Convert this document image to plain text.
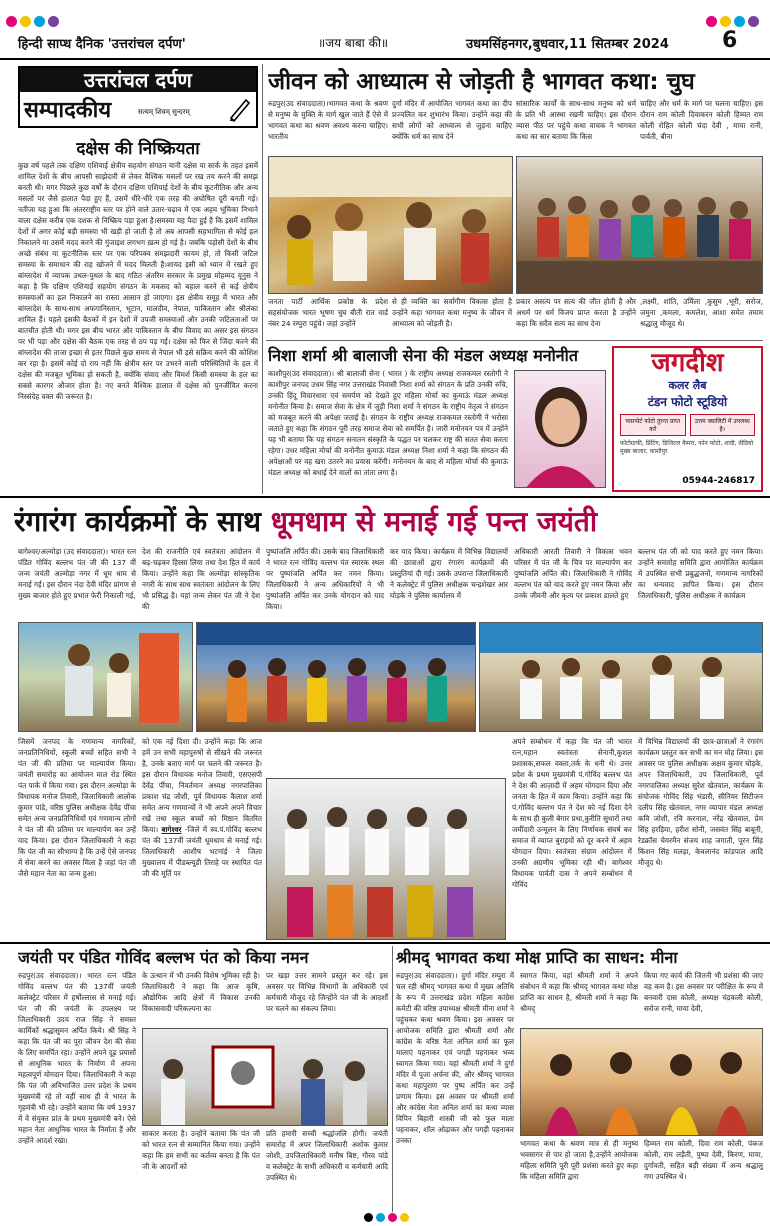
हिन्दी साप्ध दैनिक 'उत्तरांचल दर्पण'	॥जय बाबा की॥	उधमसिंहनगर,बुधवार,11 सितम्बर 2024 6
उत्तरांचल दर्पण
सम्पादकीय	सत्यम् शिवम् सुन्दरम्
दक्षेस की निष्क्रियता
कुछ वर्ष पहले तक दक्षिण एशियाई क्षेत्रीय सहयोग संगठन यानी दक्षेस या सार्क के तहत इसमें शामिल देशों के बीच आपसी साझेदारी से लेकर वैश्विक मसलों पर रख तय करने की समझ बनती थी। मगर पिछले कुछ वर्षों के दौरान दक्षिण एशियाई देशों के बीच कूटनीतिक और अन्य मसलों पर जैसे हालात पैदा हुए हैं, उसमें धीरे-धीरे एक तरह की अघोषित दूरी बनती गई। नतीजा यह हुआ कि अंतरराष्ट्रीय स्तर पर होने वाले उतार-चढ़ाव में एक अहम भूमिका निभाने वाला दक्षेस करीब एक दशक से निष्क्रिय पड़ा हुआ है।समस्या यह पैदा हुई है कि इसमें शामिल देशों में अगर कोई बड़ी समस्या भी खड़ी हो जाती है तो अब आपसी सहभागिता से कोई हल निकालने या उसमें मदद करने की गुंजाइश लगभग ख़त्म हो गई है। जबकि पड़ोसी देशों के बीच अच्छे संबंध या कूटनीतिक स्तर पर एक परिपक्व समझदारी कायम हो, तो किसी जटिल समस्या के समाधान की राह खोजने में मदद मिलती है।शायद इसी को ध्यान में रखते हुए बांग्लादेश में व्यापक उथल-पुथल के बाद गठित अंतरिम सरकार के प्रमुख मोहम्मद यूनुस ने कहा है कि दक्षिण एशियाई सहयोग संगठन के मकसद को बहाल करने से कई क्षेत्रीय समस्याओं का हल निकालने का रास्ता आसान हो जाएगा। इस क्षेत्रीय समूह में भारत और बांग्लादेश के साथ-साथ अफगानिस्तान, भूटान, मालदीव, नेपाल, पाकिस्तान और श्रीलंका शामिल हैं। पहले इसकी बैठकों में इन देशों में उपजी समस्याओं और उनकी जटिलताओं पर बातचीत होती थी। मगर इस बीच भारत और पाकिस्तान के बीच विवाद का असर इस संगठन पर भी पड़ा और दक्षेस की बैठक एक तरह से ठप पड़ गई। दक्षेस को फिर से जिंदा करने की बांग्लादेश की ताजा इच्छा से इतर पिछले कुछ समय से नेपाल भी इसे सक्रिय करने की कोशिश कर रहा है। इसमें कोई दो राय नहीं कि क्षेत्रीय स्तर पर उभरने वाली परिस्थितियों के हल में दक्षेस की मजबूत भूमिका हो सकती है, क्योंकि संवाद और विमर्श किसी समस्या के हल का सबसे कारगर औजार होता है। नए बनते वैश्विक हालात में दक्षेस को पुनर्जीवित करना निस्संदेह वक्त की जरूरत है।
जीवन को आध्यात्म से जोड़ती है भागवत कथा: चुघ
रुद्रपुर(उद संवाददाता)।भागवत कथा के श्रवण से मनुष्य के मुक्ति के मार्ग खुल जाते हैं ऐसे में भागवत कथा का श्रवण अवश्य करना चाहिए। भारतीय
दुर्गा मंदिर में आयोजित भागवत कथा का दीप प्रज्वलित कर शुभारंभ किया। उन्होंने कहा की सभी लोगों को आध्यात्म से जुड़ना चाहिए क्योंकि धर्म का साथ देने
सांसारिक कार्यों के साथ-साथ मनुष्य को धर्म के प्रति भी आस्था रखनी चाहिए। इस दौरान व्यास पीठ पर पहुंचे कथा वाचक ने भागवत कथा का सार बताया कि किस
चाहिए और धर्म के मार्ग पर चलना चाहिए। इस दौरान राम कोली दिवाकरन कोली हिम्मत राम कोली रोहित कोली चंदा देवी , माया रानी, पार्वती, बीना
जनता पार्टी आर्थिक प्रकोष्ठ के प्रदेश सहसंयोजक भारत भूषण चुघ बीती रात वार्ड नंबर 24 रम्पुरा पहुंचे। जहां उन्होंने
से ही व्यक्ति का सर्वांगीण विकास होता है उन्होंने कहा भागवत कथा मनुष्य के जीवन में आध्यात्म को जोड़ती है।
प्रकार असत्य पर सत्य की जीत होती है और अधर्म पर धर्म विजय प्राप्त करता है उन्होंने कहा कि सदैव सत्य का साथ देना
,लक्ष्मी, शांति, उर्मिला ,कुसुम ,भूरी, सरोज, जमुना ,कमला, कमलेश, आशा समेत तमाम श्रद्धालु मौजूद थे।
निशा शर्मा श्री बालाजी सेना की मंडल अध्यक्ष मनोनीत
काशीपुर(उद संवाददाता)। श्री बालाजी सेना ( भारत ) के राष्ट्रीय अध्यक्ष राजकमल रस्तोगी ने काशीपुर जनपद उधम सिंह नगर उत्तराखंड निवासी निशा शर्मा को संगठन के प्रति उनकी रुचि, उनकी हिंदू विचारधारा एवं समर्पण को देखते हुए महिला मोर्चा का कुमाऊं मंडल अध्यक्ष मनोनीत किया है। समाज सेवा के क्षेत्र में जुड़ी निशा शर्मा ने संगठन के राष्ट्रीय नेतृत्व ने संगठन को मजबूत करने की अपेक्षा जताई है। संगठन के राष्ट्रीय अध्यक्ष राजकमल रस्तोगी ने भरोसा जताते हुए कहा कि संगठन पूरी तरह समाज सेवा को समर्पित है। जारी मनोनयन पत्र में उन्होंने यह भी बताया कि यह संगठन सनातन संस्कृति के पद्धत पर चलकर राष्ट्र की सतत सेवा करता रहेगा। उधर महिला मोर्चा की मनोनीत कुमाऊं मंडल अध्यक्ष निशा शर्मा ने कहा कि संगठन की अपेक्षाओं पर वह खरा उतरने का प्रयास करेंगी। मनोनयन के बाद से महिला मोर्चा की कुमाऊं मंडल अध्यक्ष को बधाई देने वालों का तांता लगा है।
जगदीश
कलर लैब
टंडन फोटो स्टूडियो
पासपोर्ट फोटो तुरन्त प्राप्त करें
उत्तम क्वालिटी में उपलब्ध है।
फोटोग्राफी, प्रिंटिंग, डिजिटल कैमरा, फोन फोटो, शादी, वीडियो
मुख्य बाजार, काशीपुर
05944-246817
रंगारंग कार्यक्रमों के साथ धूमधाम से मनाई गई पन्त जयंती
बागेश्वर/अल्मोड़ा (उद संवाददाता)। भारत रत्न पंडित गोविंद बल्लभ पंत जी की 137 वीं जन्म जयंती अल्मोड़ा नगर में धूम धाम से मनाई गई। इस दौरान नंदा देवी मंदिर प्रांगण से मुख्य बाजार होते हुए प्रभात फेरी निकाली गई,
देश की राजनीति एवं स्वतंत्रता आंदोलन में बढ़-चढ़कर हिस्सा लिया तथा देश हित में कार्य किया। उन्होंने कहा कि अल्मोड़ा सांस्कृतिक नगरी के साथ साथ स्वतंत्रता आंदोलन के लिए भी प्रसिद्ध है। यहां जन्म लेकर पंत जी ने देश की
पुष्पांजलि अर्पित की। उसके बाद जिलाधिकारी ने भारत रत्न गोविंद वल्लभ पंत स्मारक स्थल पर पुष्पांजलि अर्पित कर नमन किया। जिलाधिकारी ने अन्य अधिकारियों ने भी पुष्पांजलि अर्पित कर उनके योगदान को याद किया।
कर याद किया। कार्यक्रम में विभिन्न विद्यालयों की छात्राओं द्वारा रंगारंग कार्यक्रमों की प्रस्तुतियां दी गई। उसके उपरान्त जिलाधिकारी ने कलेक्ट्रेट में पुलिस अधीक्षक चन्द्रशेखर आर घोड़के ने पुलिस कार्यालय में
अधिकारी आरती तिवारी ने विकास भवन परिसर में पंत जी के चित्र पर माल्यार्पण कर पुष्पांजलि अर्पित की। जिलाधिकारी ने गोविंद वल्लभ पंत को याद करते हुए नमन किया और उनके जीवनी और कृत्य पर प्रकाश डालते हुए
बल्लभ पंत जी को याद करते हुए नमन किया। उन्होंने समारोह समिति द्वारा आयोजित कार्यक्रम में उपस्थित सभी प्रबुद्धजनों, गणमान्य नागरिकों का धन्यवाद ज्ञापित किया। इस दौरान जिलाधिकारी, पुलिस अधीक्षक ने कार्यक्रम
जिसमें जनपद के गणमान्य नागरिकों, जनप्रतिनिधियों, स्कूली बच्चों सहित सभी ने पंत जी की प्रतिमा पर माल्यार्पण किया। जयंती समारोह का आयोजन माल रोड स्थित पंत पार्क में किया गया। इस दौरान अल्मोड़ा के विधायक मनोज तिवारी, जिलाधिकारी आलोक कुमार पांडे, वरिष्ठ पुलिस अधीक्षक देवेंद्र पींचा समेत अन्य जनप्रतिनिधियों एवं गणमान्य लोगों ने पंत जी की प्रतिमा पर माल्यार्पण कर उन्हें याद किया। इस दौरान जिलाधिकारी ने कहा कि पंत जी का सौभाग्य है कि उन्हें ऐसे जनपद में सेवा करने का अवसर मिला है जहां पंत जी जैसे महान नेता का जन्म हुआ।
को एक नई दिशा दी। उन्होंने कहा कि आज हमें उन सभी महापुरुषों से सीखने की जरूरत है, उनके बताए मार्ग पर चलने की जरूरत है। इस दौरान विधायक मनोज तिवारी, एसएसपी देवेंद्र पींचा, निवर्तमान अध्यक्ष नगरपालिका प्रकाश चंद्र जोशी, पूर्व विधायक कैलाश शर्मा समेत अन्य गणमान्यों ने भी अपने अपने विचार रखें तथा स्कूल बच्चों को मिष्ठान वितरित किया। बागेश्वर -जिले में स्व.पं.गोविंद बल्लभ पंत की 137वीं जयंती धूमधाम से मनाई गई। जिलाधिकारी आशीष भटगांई ने जिला मुख्यालय में पीडब्ल्यूडी तिराहे पर स्थापित पंत जी की मूर्ति पर
अपने सम्बोधन में कहा कि पंत जी भारत रत्न,महान स्वतंत्रता सेनानी,कुशल प्रशासक,सफल वक्ता,तर्क के धनी थे। उत्तर प्रदेश के प्रथम मुख्यमंत्री पं.गोविंद बल्लभ पंत ने देश की आज़ादी में अहम योगदान दिया और जनता के हित में काम किया। उन्होंने कहा कि पं.गोविंद बल्लभ पंत ने देश को नई दिशा देने के साथ ही कुली बेगार प्रथा,कुरीति सुधारों तथा जमींदारी उन्मूलन के लिए निर्णायक संघर्ष कर समाज में व्याप्त बुराइयों को दूर करने में अहम योगदान दिया। स्वतंत्रता संग्राम आंदोलन में उनकी अग्रणीय भूमिका रही थी। बागेश्वर विधायक पार्वती दास ने अपने सम्बोधन में गोविंद
में विभिन्न विद्यालयों की छात्र-छात्राओं ने रंगारंग कार्यक्रम प्रस्तुत कर सभी का मन मोह लिया। इस अवसर पर पुलिस अधीक्षक अक्षय कुमार घोड़के, अपर जिलाधिकारी, उप जिलाधिकारी, पूर्व नगरपालिका अध्यक्ष सुरेश खेतवाल, कार्यक्रम के संयोजक गोविंद सिंह भंडारी, सीनियर सिटीजन दलीप सिंह खेतवाल, नगर व्यापार मंडल अध्यक्ष कवि जोशी, रवि करनाल, नरेंद्र खेतवाल, प्रेम सिंह हरड़िया, हरीश सोनी, जसवंत सिंह बाबूनी, रेडक्रॉस चेयरमैन संजय शाह जगाती, पूरन सिंह किशन सिंह मलड़ा, केवलानंद कांडपाल आदि मौजूद थे।
जयंती पर पंडित गोविंद बल्लभ पंत को किया नमन
रुद्रपुर(उद संवाददाता)। भारत रत्न पंडित गोविंद वल्लभ पंत की 137वीं जयंती कलेक्ट्रेट परिसर में हर्षोल्लास से मनाई गई। पंत जी की जयंती के उपलक्ष्य पर जिलाधिकारी उदय राज सिंह ने समस्त कार्मिकों श्रद्धासुमन अर्पित किये। श्री सिंह ने कहा कि पंत जी का पूरा जीवन देश की सेवा के लिए समर्पित रहा। उन्होंने अपने दूढ़ प्रयासों से आधुनिक भारत के निर्माण में अपना महत्वपूर्ण योगदान दिया। जिलाधिकारी ने कहा कि पंत जी अविभाजित उत्तर प्रदेश के प्रथम मुख्यमंत्री रहे तो वहीं साथ ही वे भारत के गृहमंत्री भी रहे। उन्होंने बताया कि वर्ष 1937 में वे संयुक्त प्रांत के प्रथम मुख्यमंत्री बने। ऐसे महान नेता आधुनिक भारत के निर्माता हैं और उन्होंने आदर्श रखा।
के उत्थान में भी उनकी विशेष भूमिका रही है। जिलाधिकारी ने कहा कि आज कृषि, औद्योगिक आदि क्षेत्रों में विकास उनकी विकासवादी परिकल्पना का
पर खड़ा उत्तर सामने प्रस्तुत कर रहे। इस अवसर पर विभिन्न विभागों के अधिकारी एवं कर्मचारी मौजूद रहे जिन्होंने पंत जी के आदर्शों पर चलने का संकल्प लिया।
साकार करता है। उन्होंने बताया कि पंत जी को भारत रत्न से सम्मानित किया गया। उन्होंने कहा कि हम सभी का कर्तव्य बनता है कि पंत जी के आदर्शों को
प्रति हमारी सच्ची श्रद्धांजलि होगी। जयंती समारोह में अपर जिलाधिकारी अशोक कुमार जोशी, उपजिलाधिकारी मनीष बिष्ट, गौरव पांडे व कलेक्ट्रेट के सभी अधिकारी व कर्मचारी आदि उपस्थित थे।
श्रीमद् भागवत कथा मोक्ष प्राप्ति का साधन: मीना
रुद्रपुर(उद संवाददाता)। दुर्गा मंदिर रम्पुरा में चल रही श्रीमद् भागवत कथा में मुख्य अतिथि के रूप में उत्तराखंड प्रदेश महिला कांग्रेस कमेटी की वरिष्ठ उपाध्यक्ष श्रीमती मीना शर्मा ने पहुंचकर कथा श्रवण किया। इस अवसर पर आयोजक समिति द्वारा श्रीमती शर्मा और कांग्रेस के वरिष्ठ नेता अनिल शर्मा का फूल मालाएं पहनाकर एवं पगड़ी पहनाकर भव्य स्वागत किया गया। वहां श्रीमती शर्मा ने दुर्गा मंदिर में पूजा अर्चना की, और श्रीमद् भागवत कथा महापुराण पर पुष्प अर्पित कर उन्हें प्रणाम किया। इस अवसर पर श्रीमती शर्मा और कांग्रेस नेता अनिल शर्मा का कथा व्यास विपिन बिहारी शास्त्री जी को फूल माला पहनाकर, शॉल ओढ़ाकर और पगड़ी पहनाकर उनका
स्वागत किया, वहां श्रीमती शर्मा ने अपने संबोधन में कहा कि श्रीमद् भागवत कथा मोक्ष प्राप्ति का साधन है, श्रीमती शर्मा ने कहा कि श्रीमद्
किया गए कार्य की जितनी भी प्रशंसा की जाए वह कम है। इस अवसर पर परीक्षित के रूप में बनवारी दास कोली, अध्यक्ष चंद्रकली कोली, सरोज रानी, माया देवी,
भागवत कथा के श्रवण मात्र से ही मनुष्य भवसागर से पार हो जाता है,उन्होंने आयोजक महिला समिति पूरी पूरी प्रशंसा करते हुए कहा कि महिला समिति द्वारा
हिम्मत राम कोली, दिवा राम कोली, पंकज कोली, राम लड़ैती, पुष्पा देवी, किरण, माया, दुर्गावती, सहित बड़ी संख्या में अन्य श्रद्धालु गण उपस्थित थे।
